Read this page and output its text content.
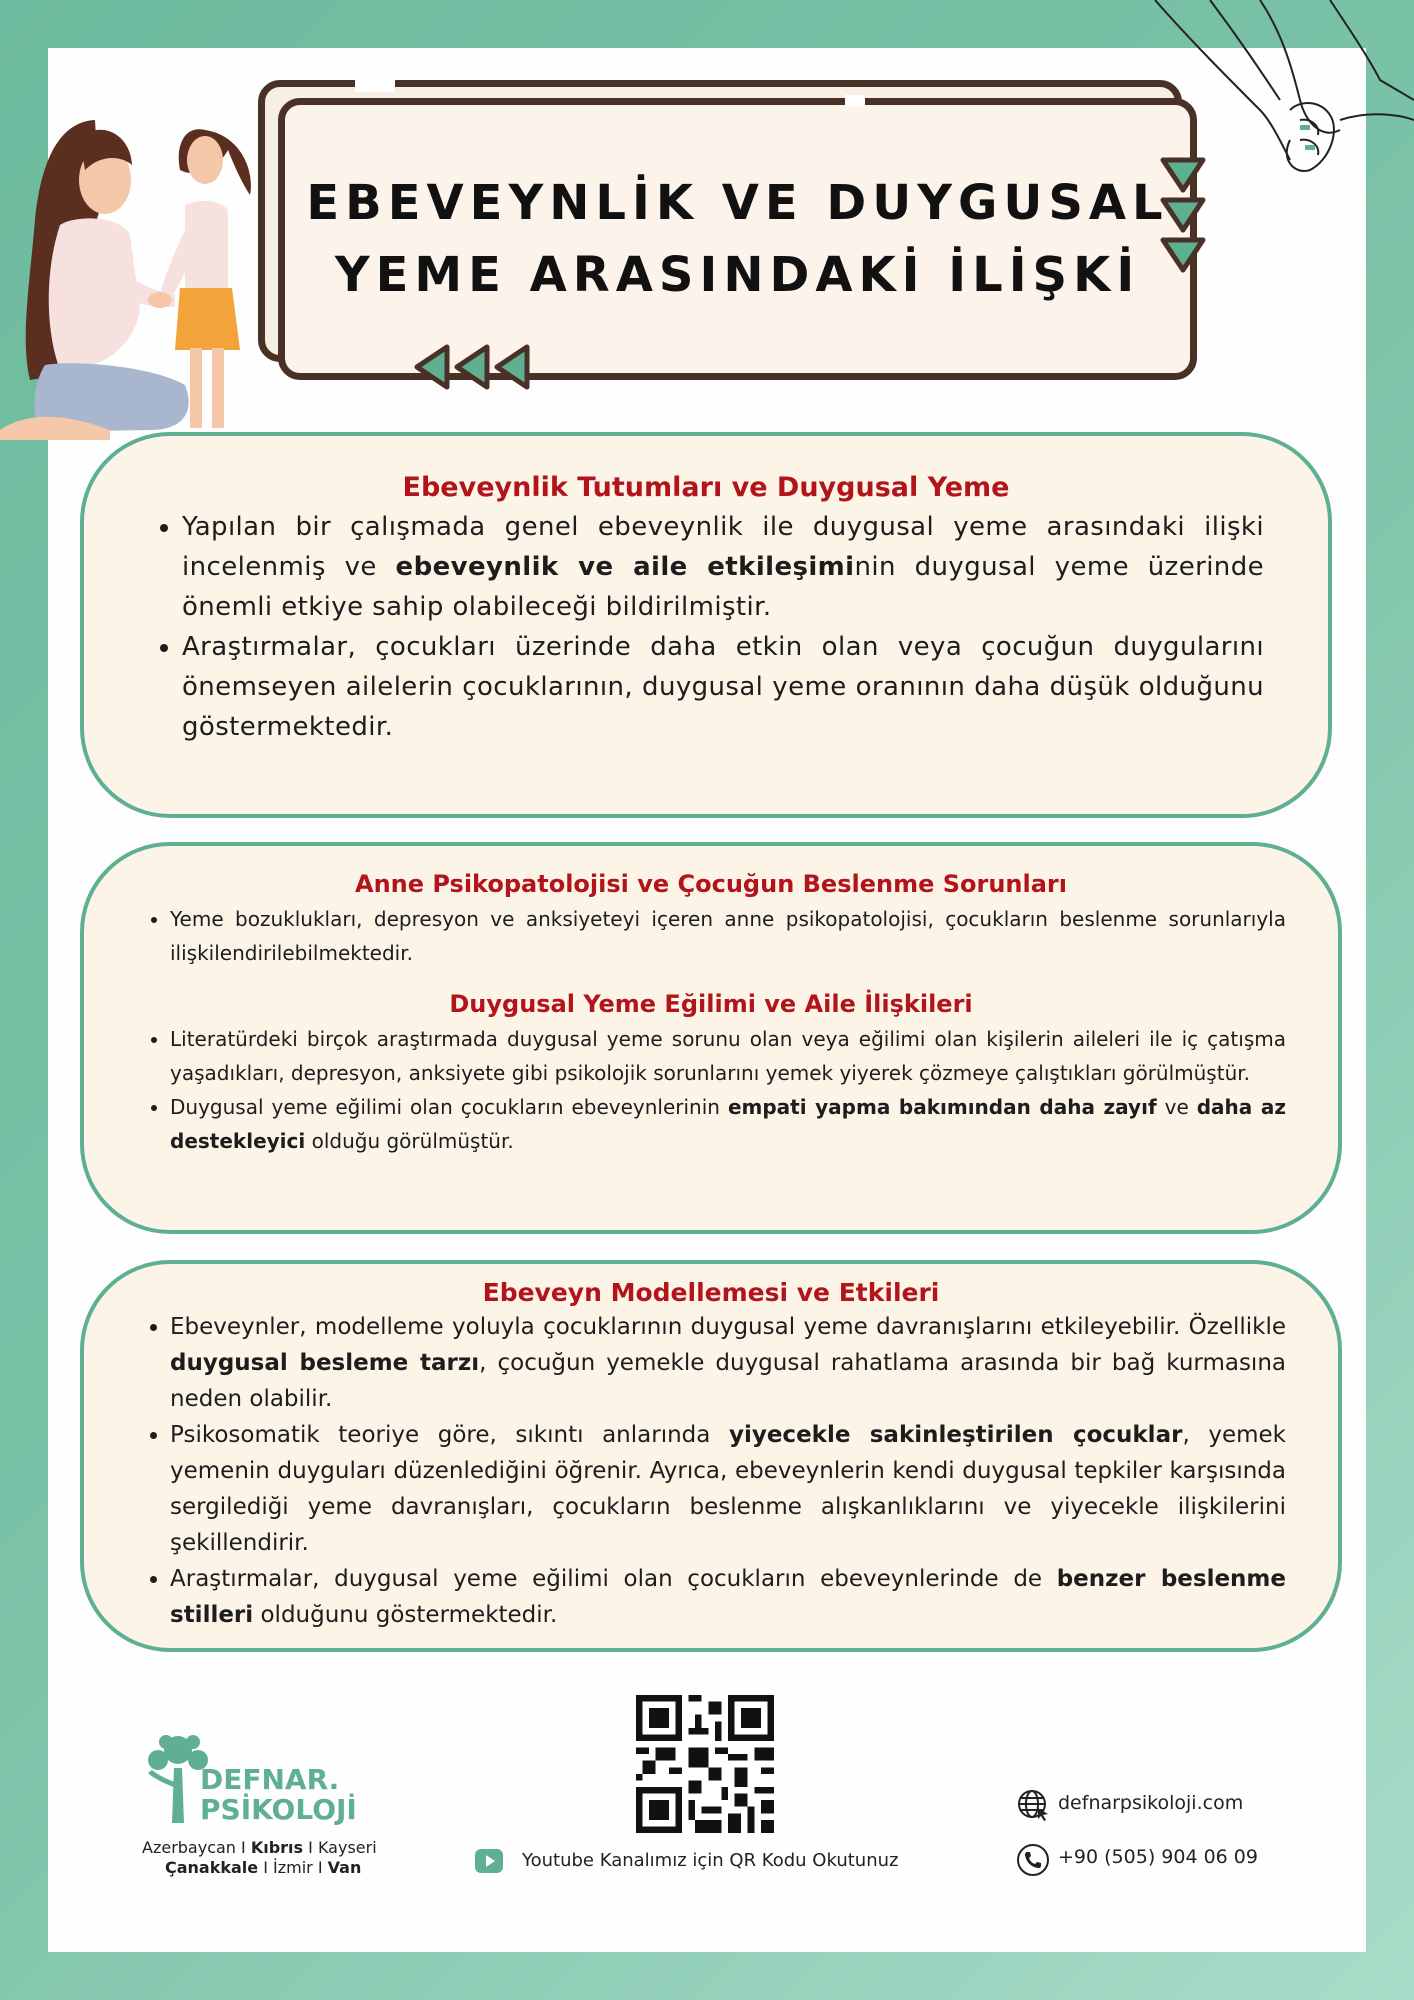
EBEVEYNLİK VE DUYGUSAL
YEME ARASINDAKİ İLİŞKİ
Ebeveynlik Tutumları ve Duygusal Yeme
• Yapılan bir çalışmada genel ebeveynlik ile duygusal yeme arasındaki ilişki incelenmiş ve ebeveynlik ve aile etkileşiminin duygusal yeme üzerinde önemli etkiye sahip olabileceği bildirilmiştir.
• Araştırmalar, çocukları üzerinde daha etkin olan veya çocuğun duygularını önemseyen ailelerin çocuklarının, duygusal yeme oranının daha düşük olduğunu göstermektedir.
Anne Psikopatolojisi ve Çocuğun Beslenme Sorunları
• Yeme bozuklukları, depresyon ve anksiyeteyi içeren anne psikopatolojisi, çocukların beslenme sorunlarıyla ilişkilendirilebilmektedir.
Duygusal Yeme Eğilimi ve Aile İlişkileri
• Literatürdeki birçok araştırmada duygusal yeme sorunu olan veya eğilimi olan kişilerin aileleri ile iç çatışma yaşadıkları, depresyon, anksiyete gibi psikolojik sorunlarını yemek yiyerek çözmeye çalıştıkları görülmüştür.
• Duygusal yeme eğilimi olan çocukların ebeveynlerinin empati yapma bakımından daha zayıf ve daha az destekleyici olduğu görülmüştür.
Ebeveyn Modellemesi ve Etkileri
• Ebeveynler, modelleme yoluyla çocuklarının duygusal yeme davranışlarını etkileyebilir. Özellikle duygusal besleme tarzı, çocuğun yemekle duygusal rahatlama arasında bir bağ kurmasına neden olabilir.
• Psikosomatik teoriye göre, sıkıntı anlarında yiyecekle sakinleştirilen çocuklar, yemek yemenin duyguları düzenlediğini öğrenir. Ayrıca, ebeveynlerin kendi duygusal tepkiler karşısında sergilediği yeme davranışları, çocukların beslenme alışkanlıklarını ve yiyecekle ilişkilerini şekillendirir.
• Araştırmalar, duygusal yeme eğilimi olan çocukların ebeveynlerinde de benzer beslenme stilleri olduğunu göstermektedir.
DEFNAR.
PSİKOLOJİ
Azerbaycan I Kıbrıs I Kayseri
Çanakkale I İzmir I Van	Youtube Kanalımız için QR Kodu Okutunuz
defnarpsikoloji.com
+90 (505) 904 06 09
